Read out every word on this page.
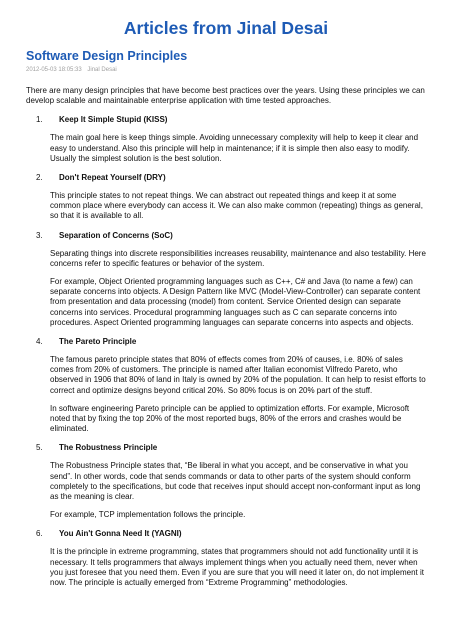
Articles from Jinal Desai
Software Design Principles
2012-05-03 18:05:33 Jinal Desai

There are many design principles that have become best practices over the years. Using these principles we can develop scalable and maintainable enterprise application with time tested approaches.

1. Keep It Simple Stupid (KISS)

The main goal here is keep things simple. Avoiding unnecessary complexity will help to keep it clear and easy to understand. Also this principle will help in maintenance; if it is simple then also easy to modify. Usually the simplest solution is the best solution.

2. Don't Repeat Yourself (DRY)

This principle states to not repeat things. We can abstract out repeated things and keep it at some common place where everybody can access it. We can also make common (repeating) things as general, so that it is available to all.

3. Separation of Concerns (SoC)

Separating things into discrete responsibilities increases reusability, maintenance and also testability. Here concerns refer to specific features or behavior of the system.

For example, Object Oriented programming languages such as C++, C# and Java (to name a few) can separate concerns into objects. A Design Pattern like MVC (Model-View-Controller) can separate content from presentation and data processing (model) from content. Service Oriented design can separate concerns into services. Procedural programming languages such as C can separate concerns into procedures. Aspect Oriented programming languages can separate concerns into aspects and objects.

4. The Pareto Principle

The famous pareto principle states that 80% of effects comes from 20% of causes, i.e. 80% of sales comes from 20% of customers. The principle is named after Italian economist Vilfredo Pareto, who observed in 1906 that 80% of land in Italy is owned by 20% of the population. It can help to resist efforts to correct and optimize designs beyond critical 20%. So 80% focus is on 20% part of the stuff.

In software engineering Pareto principle can be applied to optimization efforts. For example, Microsoft noted that by fixing the top 20% of the most reported bugs, 80% of the errors and crashes would be eliminated.

5. The Robustness Principle

The Robustness Principle states that, “Be liberal in what you accept, and be conservative in what you send”. In other words, code that sends commands or data to other parts of the system should conform completely to the specifications, but code that receives input should accept non-conformant input as long as the meaning is clear.

For example, TCP implementation follows the principle.

6. You Ain't Gonna Need It (YAGNI)

It is the principle in extreme programming, states that programmers should not add functionality until it is necessary. It tells programmers that always implement things when you actually need them, never when you just foresee that you need them. Even if you are sure that you will need it later on, do not implement it now. The principle is actually emerged from “Extreme Programming” methodologies.
